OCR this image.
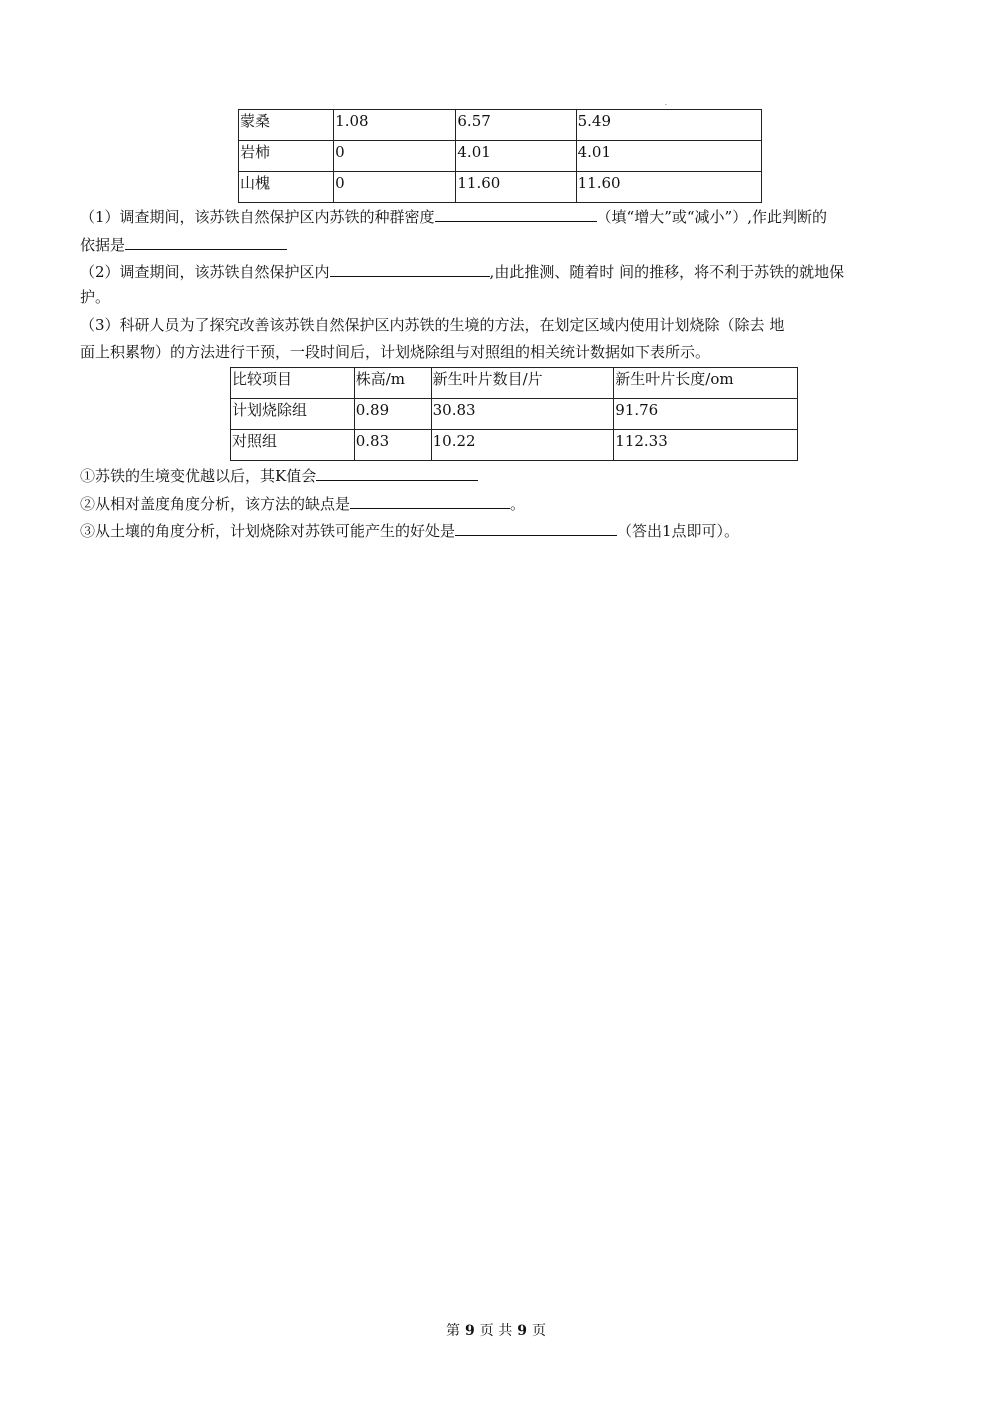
.
蒙桑	1.08	6.57	5.49
岩柿	0	4.01	4.01
山槐	0	11.60	11.60
（1）调查期间，该苏铁自然保护区内苏铁的种群密度	（填“增大”或“减小”）,作此判断的
依据是
（2）调查期间，该苏铁自然保护区内	,由此推测、随着时 间的推移，将不利于苏铁的就地保
护。
（3）科研人员为了探究改善该苏铁自然保护区内苏铁的生境的方法，在划定区域内使用计划烧除（除去 地
面上积累物）的方法进行干预，一段时间后，计划烧除组与对照组的相关统计数据如下表所示。
比较项目	株高/m	新生叶片数目/片	新生叶片长度/om
计划烧除组	0.89	30.83	91.76
对照组	0.83	10.22	112.33
①苏铁的生境变优越以后，其K值会
②从相对盖度角度分析，该方法的缺点是	。
③从土壤的角度分析，计划烧除对苏铁可能产生的好处是	（答出1点即可）。
第 9 页 共 9 页
